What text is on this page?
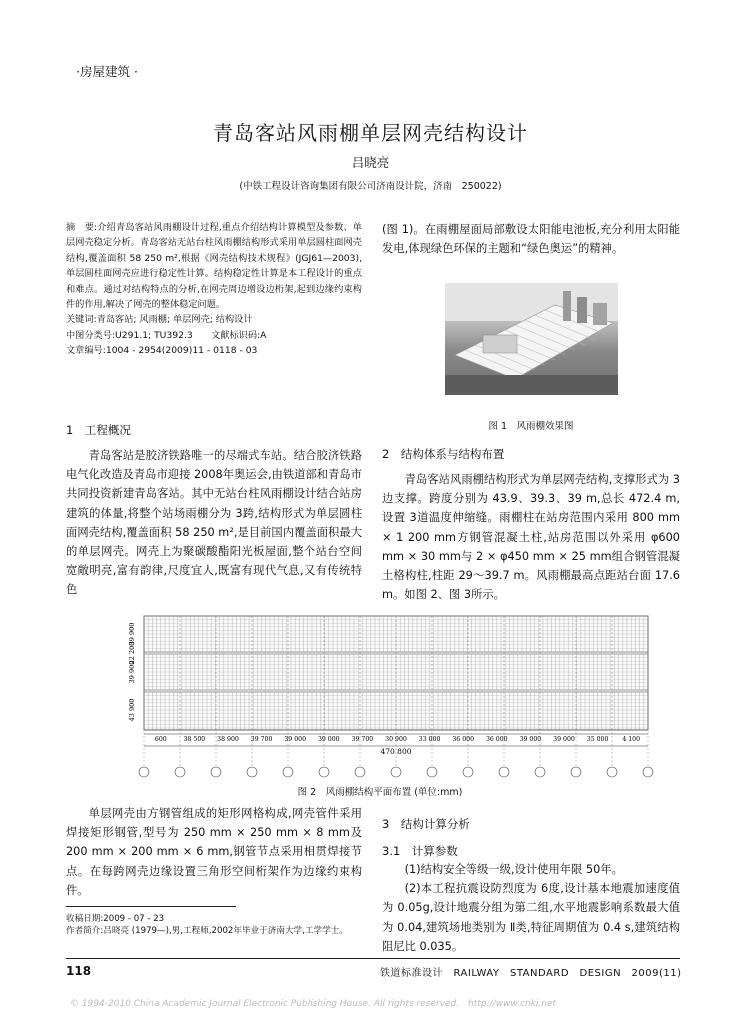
·房屋建筑 ·
青岛客站风雨棚单层网壳结构设计
吕晓亮
(中铁工程设计咨询集团有限公司济南设计院，济南　250022)

摘　要:介绍青岛客站风雨棚设计过程,重点介绍结构计算模型及参数、单层网壳稳定分析。青岛客站无站台柱风雨棚结构形式采用单层圆柱面网壳结构,覆盖面积 58 250 m²,根据《网壳结构技术规程》(JGJ61—2003),单层圆柱面网壳应进行稳定性计算。结构稳定性计算是本工程设计的重点和难点。通过对结构特点的分析,在网壳周边增设边桁架,起到边缘约束构件的作用,解决了网壳的整体稳定问题。

关键词:青岛客站; 风雨棚; 单层网壳; 结构设计

中图分类号:U291.1; TU392.3　　文献标识码:A

文章编号:1004 - 2954(2009)11 - 0118 - 03

1　工程概况

青岛客站是胶济铁路唯一的尽端式车站。结合胶济铁路电气化改造及青岛市迎接 2008年奥运会,由铁道部和青岛市共同投资新建青岛客站。其中无站台柱风雨棚设计结合站房建筑的体量,将整个站场雨棚分为 3跨,结构形式为单层圆柱面网壳结构,覆盖面积 58 250 m²,是目前国内覆盖面积最大的单层网壳。网壳上为聚碳酸酯阳光板屋面,整个站台空间宽敞明亮,富有韵律,尺度宜人,既富有现代气息,又有传统特色

(图 1)。在雨棚屋面局部敷设太阳能电池板,充分利用太阳能发电,体现绿色环保的主题和“绿色奥运”的精神。

图 1　风雨棚效果图
2　结构体系与结构布置

青岛客站风雨棚结构形式为单层网壳结构,支撑形式为 3边支撑。跨度分别为 43.9、39.3、39 m,总长 472.4 m,设置 3道温度伸缩缝。雨棚柱在站房范围内采用 800 mm × 1 200 mm方钢管混凝土柱,站房范围以外采用 φ600 mm × 30 mm与 2 × φ450 mm × 25 mm组合钢管混凝土格构柱,柱距 29～39.7 m。风雨棚最高点距站台面 17.6 m。如图 2、图 3所示。

39 900
22 200
39 900
43 900
600	38 500 38 900 39 700 39 000 39 000 39 700 30 900 33 000 36 000 36 000 39 000 39 000 35 000 4 100
470 800
图 2　风雨棚结构平面布置 (单位:mm)

单层网壳由方钢管组成的矩形网格构成,网壳管件采用焊接矩形钢管,型号为 250 mm × 250 mm × 8 mm及 200 mm × 200 mm × 6 mm,钢管节点采用相贯焊接节点。在每跨网壳边缘设置三角形空间桁架作为边缘约束构件。

收稿日期:2009 - 07 - 23
作者简介:吕晓亮 (1979—),男,工程师,2002年毕业于济南大学,工学学士。
3　结构计算分析
3.1　计算参数

(1)结构安全等级一级,设计使用年限 50年。

(2)本工程抗震设防烈度为 6度,设计基本地震加速度值为 0.05g,设计地震分组为第二组,水平地震影响系数最大值为 0.04,建筑场地类别为 Ⅱ类,特征周期值为 0.4 s,建筑结构阻尼比 0.035。

118	铁道标准设计　RAILWAY　STANDARD　DESIGN　2009(11)
© 1994-2010 China Academic Journal Electronic Publishing House. All rights reserved.　http://www.cnki.net
